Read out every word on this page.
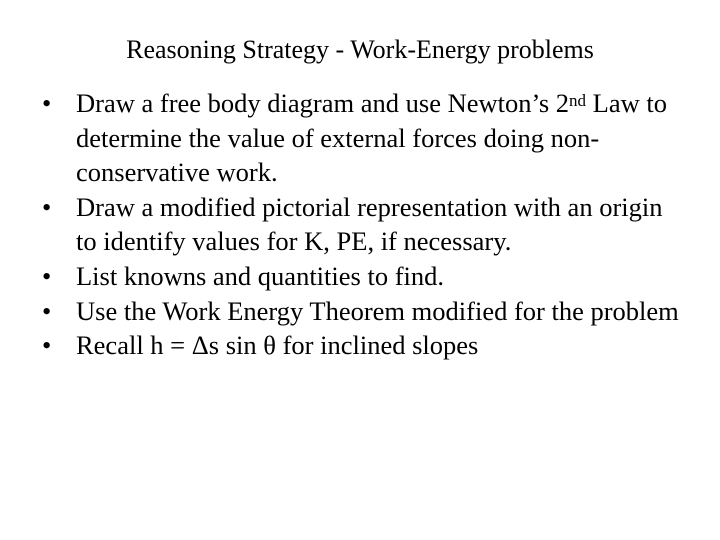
Reasoning Strategy - Work-Energy problems
• Draw a free body diagram and use Newton’s 2nd Law to determine the value of external forces doing non-conservative work.
• Draw a modified pictorial representation with an origin to identify values for K, PE, if necessary.
• List knowns and quantities to find.
• Use the Work Energy Theorem modified for the problem
• Recall h = Δs sin θ for inclined slopes
